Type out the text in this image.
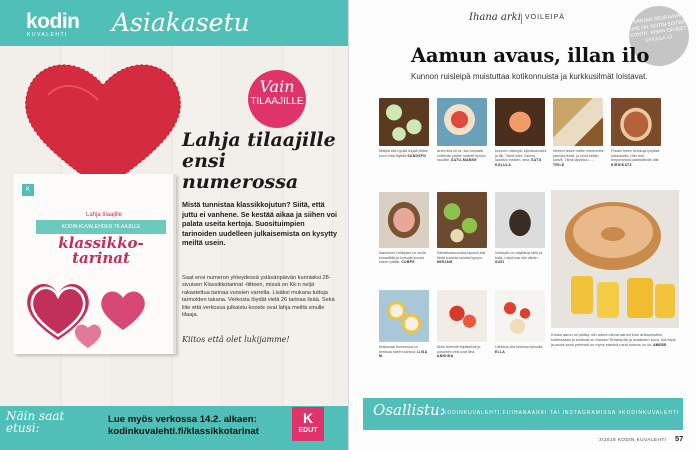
kodin
KUVALEHTI Asiakasetu
K
Lahja tilaajille
KODIN KUVALEHDEN TILAAJILLE
klassikko- tarinat
Vain
TILAAJILLE
Lahja tilaajille ensi numerossa
Mistä tunnistaa klassikkojutun? Siitä, että juttu ei vanhene. Se kestää aikaa ja siihen voi palata useita kertoja. Suosituimpien tarinoiden uudelleen julkaisemista on kysytty meiltä usein.
Saat ensi numeron yhteydessä ystävänpäivän kunniaksi 28-sivuisen Klassikkotarinat -liitteen, missä on Kk:n neljä rakastettua tarinaa vuosien varrelta. Lisäksi mukana tuttuja tarinoiden takana. Verkosta löydät vielä 26 tarinaa lisää. Sekä liite että verkossa julkaistu kooste ovat lahja meiltä sinulle tilaaja.
Kiitos että olet lukijamme!
Näin saat etusi:
Lue myös verkossa 14.2. alkaen:
kodinkuvalehti.fi/klassikkotarinat
K
EDUT
Ihana arki VOILEIPÄ	SARJAN SEURAAVA AIHE ON 'KOTIN SISTEIN KOHTA'. KISAN OHJEET SIVULLA 13.
Aamun avaus, illan ilo
Kunnon ruisleipä muistuttaa kotikonnuista ja kurkkusilmät loistavat.
Mitäpä sitä hyvää leipää pitäisi kuori mitä täyttää SANDEFN
Aram liha oli se, kun tomaatti voileivän päälle nostetti hymyn huuliille. SATU-MANNE
Kunnon ruisleipä, kylmäsavulohi ja tilli. Tästä tulee Osmon saaristo meiden, aina. SATU KOLULA
Meheni tekee meille mizeinmille parrulla leivät, ja minä keitän kahvit. Tämä tapahtuu .... TRILE
Pokani tekee herkkuja lyhyksä päkkapeita. Hän teki mepomeista paahtoleivän alle. KIRSIKATZ
Aamuinen voileipani on mulla tomaattilla ja kurkulla kuuset tuleen päälle. CUBPE
Kahdeksanvuotias lapseni teki tästä kuvioita omaksi tyynyn. MIRJAM
Voileipän on näyttänyt tällä joi kalla. Leipä saa olla vähän... SUSI
Arkikuvaa Suomessa on herkkua tuleen kanssa. LIISA M.
Äidin tekemät leipäkeksit ja punainen vesi ovat liina. ANNIINA
Lakkaus olla herkkua aamulla. ELLA
Koska aamu on pääsy niin arkea olevat aamut kuin arkiaamutkin, kotimaassa ja kodissa on Ihanaa! Ruisleipää ja maalisten kuva. Ikä leipä ja suola sekä pehmeä on myös edessä minä kotona on ilo. AMOSS
Osallistu:
KODINKUVALEHTI.FI/IHANAARKI TAI INSTAGRAMISSA #KODINKUVALEHTI
3/2018 KODIN KUVALEHTI 57
